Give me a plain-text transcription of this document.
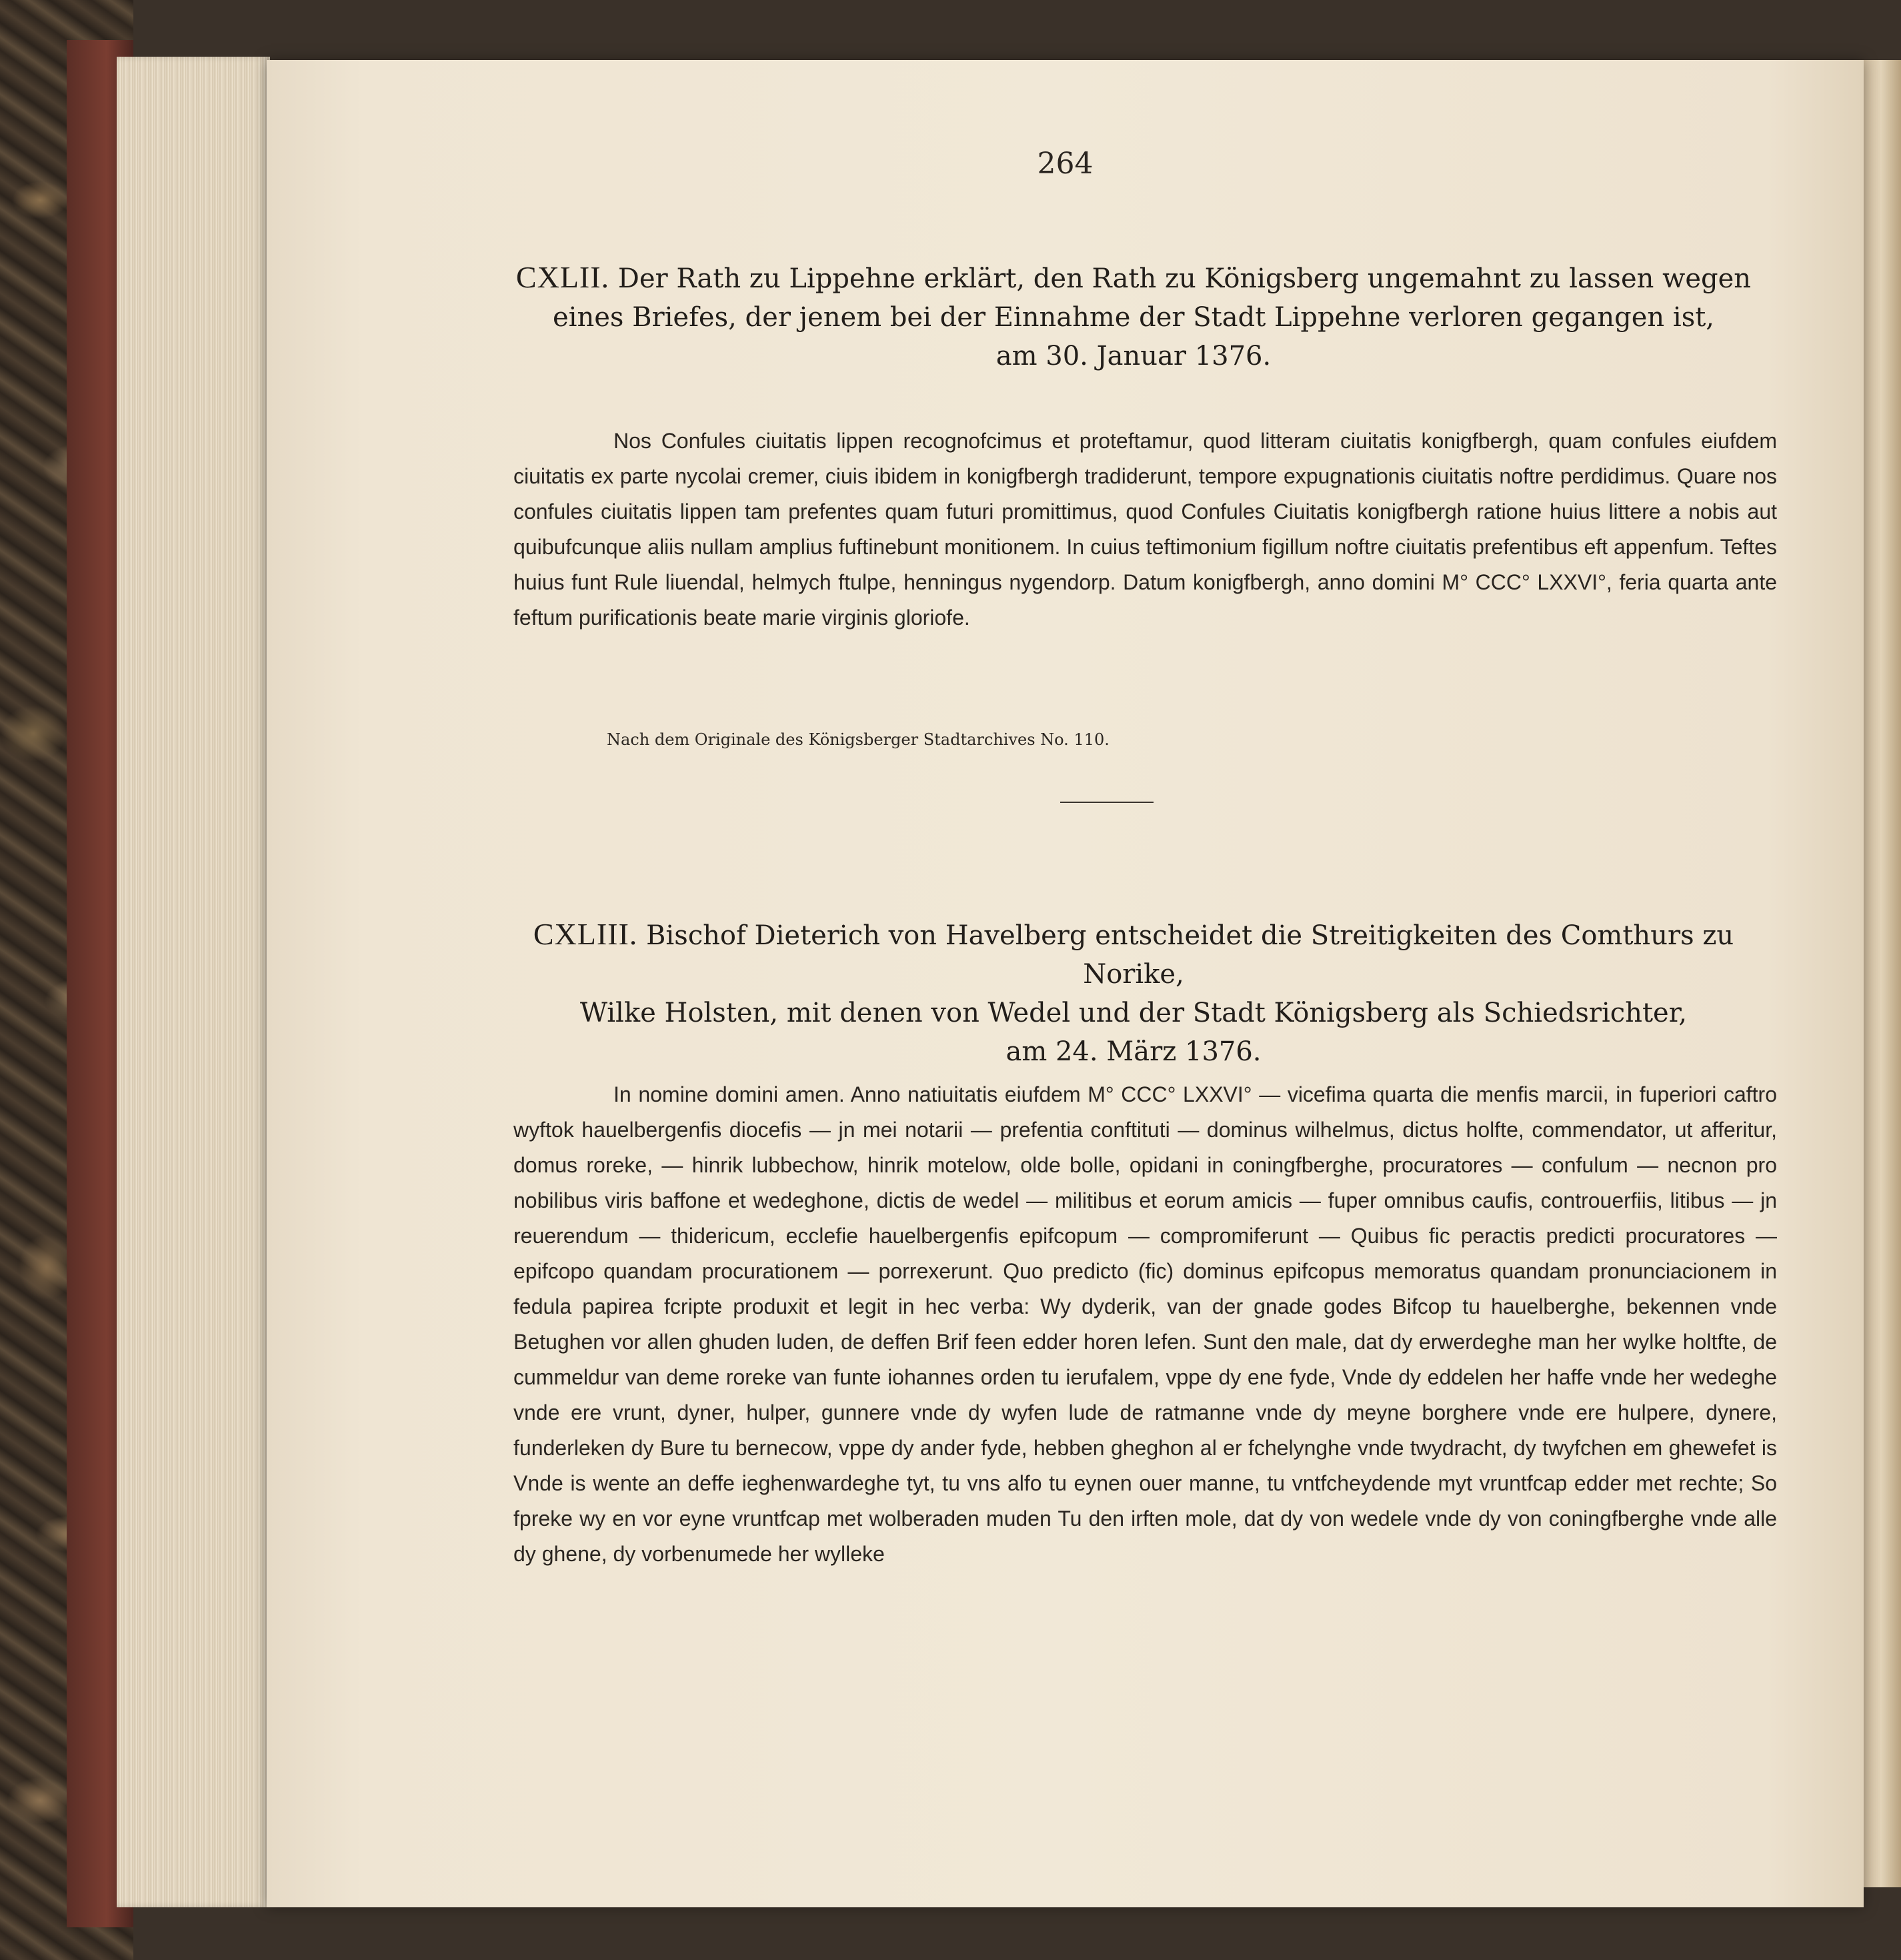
264
CXLII. Der Rath zu Lippehne erklärt, den Rath zu Königsberg ungemahnt zu lassen wegen
eines Briefes, der jenem bei der Einnahme der Stadt Lippehne verloren gegangen ist,
am 30. Januar 1376.

Nos Confules ciuitatis lippen recognofcimus et proteftamur, quod litteram ciuitatis konigfbergh, quam confules eiufdem ciuitatis ex parte nycolai cremer, ciuis ibidem in konigfbergh tradiderunt, tempore expugnationis ciuitatis noftre perdidimus. Quare nos confules ciuitatis lippen tam prefentes quam futuri promittimus, quod Confules Ciuitatis konigfbergh ratione huius littere a nobis aut quibufcunque aliis nullam amplius fuftinebunt monitionem. In cuius teftimonium figillum noftre ciuitatis prefentibus eft appenfum. Teftes huius funt Rule liuendal, helmych ftulpe, henningus nygendorp. Datum konigfbergh, anno domini M° CCC° LXXVI°, feria quarta ante feftum purificationis beate marie virginis gloriofe.

Nach dem Originale des Königsberger Stadtarchives No. 110.
CXLIII. Bischof Dieterich von Havelberg entscheidet die Streitigkeiten des Comthurs zu Norike,
Wilke Holsten, mit denen von Wedel und der Stadt Königsberg als Schiedsrichter,
am 24. März 1376.

In nomine domini amen. Anno natiuitatis eiufdem M° CCC° LXXVI° — vicefima quarta die menfis marcii, in fuperiori caftro wyftok hauelbergenfis diocefis — jn mei notarii — prefentia conftituti — dominus wilhelmus, dictus holfte, commendator, ut afferitur, domus roreke, — hinrik lubbechow, hinrik motelow, olde bolle, opidani in coningfberghe, procuratores — confulum — necnon pro nobilibus viris baffone et wedeghone, dictis de wedel — militibus et eorum amicis — fuper omnibus caufis, controuerfiis, litibus — jn reuerendum — thidericum, ecclefie hauelbergenfis epifcopum — compromiferunt — Quibus fic peractis predicti procuratores — epifcopo quandam procurationem — porrexerunt. Quo predicto (fic) dominus epifcopus memoratus quandam pronunciacionem in fedula papirea fcripte produxit et legit in hec verba: Wy dyderik, van der gnade godes Bifcop tu hauelberghe, bekennen vnde Betughen vor allen ghuden luden, de deffen Brif feen edder horen lefen. Sunt den male, dat dy erwerdeghe man her wylke holtfte, de cummeldur van deme roreke van funte iohannes orden tu ierufalem, vppe dy ene fyde, Vnde dy eddelen her haffe vnde her wedeghe vnde ere vrunt, dyner, hulper, gunnere vnde dy wyfen lude de ratmanne vnde dy meyne borghere vnde ere hulpere, dynere, funderleken dy Bure tu bernecow, vppe dy ander fyde, hebben gheghon al er fchelynghe vnde twydracht, dy twyfchen em ghewefet is Vnde is wente an deffe ieghenwardeghe tyt, tu vns alfo tu eynen ouer manne, tu vntfcheydende myt vruntfcap edder met rechte; So fpreke wy en vor eyne vruntfcap met wolberaden muden Tu den irften mole, dat dy von wedele vnde dy von coningfberghe vnde alle dy ghene, dy vorbenumede her wylleke
